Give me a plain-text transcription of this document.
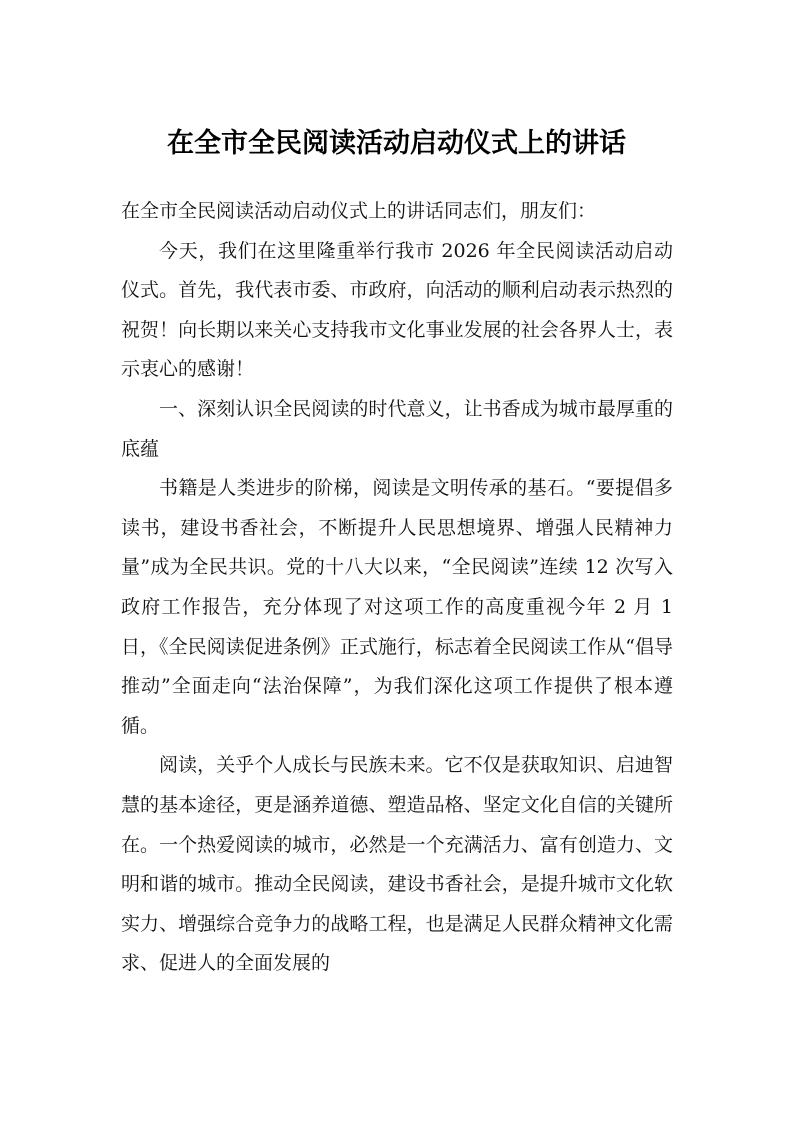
在全市全民阅读活动启动仪式上的讲话

在全市全民阅读活动启动仪式上的讲话同志们，朋友们：

今天，我们在这里隆重举行我市 2026 年全民阅读活动启动仪式。首先，我代表市委、市政府，向活动的顺利启动表示热烈的祝贺！向长期以来关心支持我市文化事业发展的社会各界人士，表示衷心的感谢！

一、深刻认识全民阅读的时代意义，让书香成为城市最厚重的底蕴

书籍是人类进步的阶梯，阅读是文明传承的基石。“要提倡多读书，建设书香社会，不断提升人民思想境界、增强人民精神力量”成为全民共识。党的十八大以来，“全民阅读”连续 12 次写入政府工作报告，充分体现了对这项工作的高度重视今年 2 月 1 日，《全民阅读促进条例》正式施行，标志着全民阅读工作从“倡导推动”全面走向“法治保障”，为我们深化这项工作提供了根本遵循。

阅读，关乎个人成长与民族未来。它不仅是获取知识、启迪智慧的基本途径，更是涵养道德、塑造品格、坚定文化自信的关键所在。一个热爱阅读的城市，必然是一个充满活力、富有创造力、文明和谐的城市。推动全民阅读，建设书香社会，是提升城市文化软实力、增强综合竞争力的战略工程，也是满足人民群众精神文化需求、促进人的全面发展的
